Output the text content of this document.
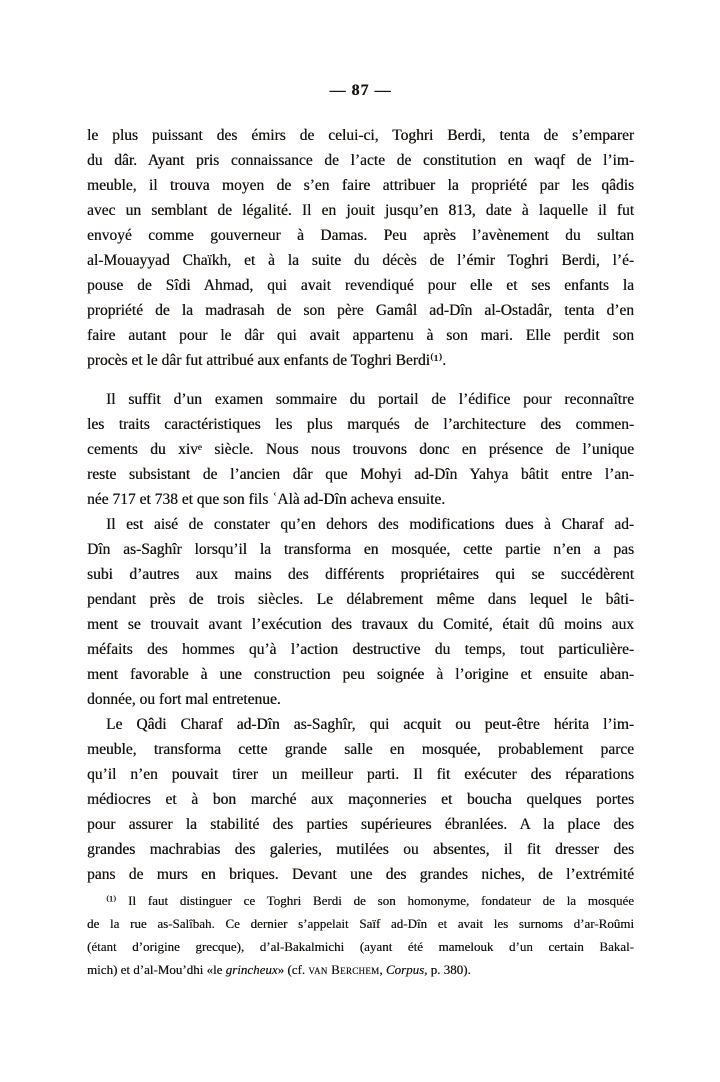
— 87 —
le plus puissant des émirs de celui-ci, Toghri Berdi, tenta de s’emparer
du dâr. Ayant pris connaissance de l’acte de constitution en waqf de l’im-
meuble, il trouva moyen de s’en faire attribuer la propriété par les qâdis
avec un semblant de légalité. Il en jouit jusqu’en 813, date à laquelle il fut
envoyé comme gouverneur à Damas. Peu après l’avènement du sultan
al-Mouayyad Chaïkh, et à la suite du décès de l’émir Toghri Berdi, l’é-
pouse de Sîdi Ahmad, qui avait revendiqué pour elle et ses enfants la
propriété de la madrasah de son père Gamâl ad-Dîn al-Ostadâr, tenta d’en
faire autant pour le dâr qui avait appartenu à son mari. Elle perdit son
procès et le dâr fut attribué aux enfants de Toghri Berdi⁽¹⁾.
Il suffit d’un examen sommaire du portail de l’édifice pour reconnaître
les traits caractéristiques les plus marqués de l’architecture des commen-
cements du xivᵉ siècle. Nous nous trouvons donc en présence de l’unique
reste subsistant de l’ancien dâr que Mohyi ad-Dîn Yahya bâtit entre l’an-
née 717 et 738 et que son fils ʿAlà ad-Dîn acheva ensuite.
Il est aisé de constater qu’en dehors des modifications dues à Charaf ad-
Dîn as-Saghîr lorsqu’il la transforma en mosquée, cette partie n’en a pas
subi d’autres aux mains des différents propriétaires qui se succédèrent
pendant près de trois siècles. Le délabrement même dans lequel le bâti-
ment se trouvait avant l’exécution des travaux du Comité, était dû moins aux
méfaits des hommes qu’à l’action destructive du temps, tout particulière-
ment favorable à une construction peu soignée à l’origine et ensuite aban-
donnée, ou fort mal entretenue.
Le Qâdi Charaf ad-Dîn as-Saghîr, qui acquit ou peut-être hérita l’im-
meuble, transforma cette grande salle en mosquée, probablement parce
qu’il n’en pouvait tirer un meilleur parti. Il fit exécuter des réparations
médiocres et à bon marché aux maçonneries et boucha quelques portes
pour assurer la stabilité des parties supérieures ébranlées. A la place des
grandes machrabias des galeries, mutilées ou absentes, il fit dresser des
pans de murs en briques. Devant une des grandes niches, de l’extrémité
⁽¹⁾ Il faut distinguer ce Toghri Berdi de son homonyme, fondateur de la mosquée
de la rue as-Salîbah. Ce dernier s’appelait Saïf ad-Dîn et avait les surnoms d’ar-Roûmi
(étant d’origine grecque), d’al-Bakalmichi (ayant été mamelouk d’un certain Bakal-
mich) et d’al-Mou’dhi «le grincheux» (cf. van Berchem, Corpus, p. 380).
